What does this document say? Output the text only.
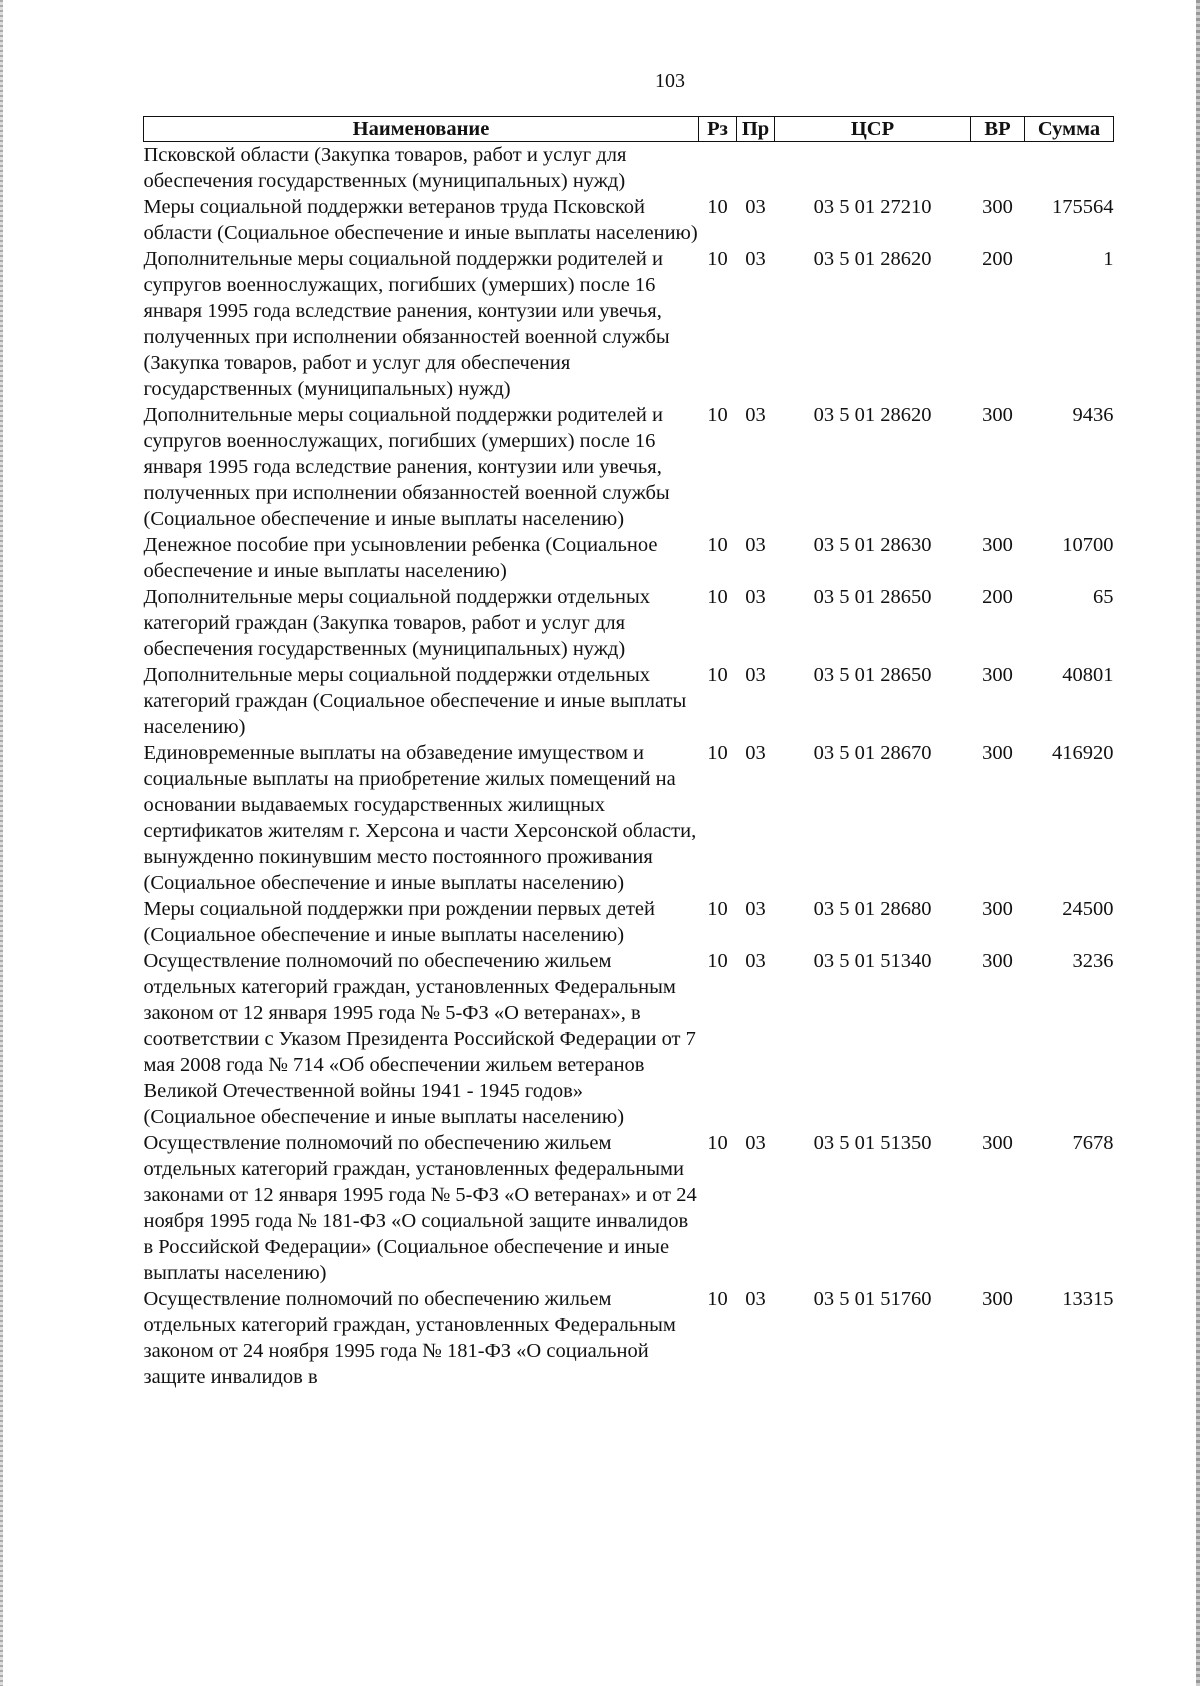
103
Наименование	Рз	Пр	ЦСР	ВР	Сумма
Псковской области (Закупка товаров, работ и услуг для обеспечения государственных (муниципальных) нужд)					
Меры социальной поддержки ветеранов труда Псковской области (Социальное обеспечение и иные выплаты населению)	10	03	03 5 01 27210	300	175564
Дополнительные меры социальной поддержки родителей и супругов военнослужащих, погибших (умерших) после 16 января 1995 года вследствие ранения, контузии или увечья, полученных при исполнении обязанностей военной службы (Закупка товаров, работ и услуг для обеспечения государственных (муниципальных) нужд)	10	03	03 5 01 28620	200	1
Дополнительные меры социальной поддержки родителей и супругов военнослужащих, погибших (умерших) после 16 января 1995 года вследствие ранения, контузии или увечья, полученных при исполнении обязанностей военной службы (Социальное обеспечение и иные выплаты населению)	10	03	03 5 01 28620	300	9436
Денежное пособие при усыновлении ребенка (Социальное обеспечение и иные выплаты населению)	10	03	03 5 01 28630	300	10700
Дополнительные меры социальной поддержки отдельных категорий граждан (Закупка товаров, работ и услуг для обеспечения государственных (муниципальных) нужд)	10	03	03 5 01 28650	200	65
Дополнительные меры социальной поддержки отдельных категорий граждан (Социальное обеспечение и иные выплаты населению)	10	03	03 5 01 28650	300	40801
Единовременные выплаты на обзаведение имуществом и социальные выплаты на приобретение жилых помещений на основании выдаваемых государственных жилищных сертификатов жителям г. Херсона и части Херсонской области, вынужденно покинувшим место постоянного проживания (Социальное обеспечение и иные выплаты населению)	10	03	03 5 01 28670	300	416920
Меры социальной поддержки при рождении первых детей (Социальное обеспечение и иные выплаты населению)	10	03	03 5 01 28680	300	24500
Осуществление полномочий по обеспечению жильем отдельных категорий граждан, установленных Федеральным законом от 12 января 1995 года № 5-ФЗ «О ветеранах», в соответствии с Указом Президента Российской Федерации от 7 мая 2008 года № 714 «Об обеспечении жильем ветеранов Великой Отечественной войны 1941 - 1945 годов» (Социальное обеспечение и иные выплаты населению)	10	03	03 5 01 51340	300	3236
Осуществление полномочий по обеспечению жильем отдельных категорий граждан, установленных федеральными законами от 12 января 1995 года № 5-ФЗ «О ветеранах» и от 24 ноября 1995 года № 181-ФЗ «О социальной защите инвалидов в Российской Федерации» (Социальное обеспечение и иные выплаты населению)	10	03	03 5 01 51350	300	7678
Осуществление полномочий по обеспечению жильем отдельных категорий граждан, установленных Федеральным законом от 24 ноября 1995 года № 181-ФЗ «О социальной защите инвалидов в	10	03	03 5 01 51760	300	13315
